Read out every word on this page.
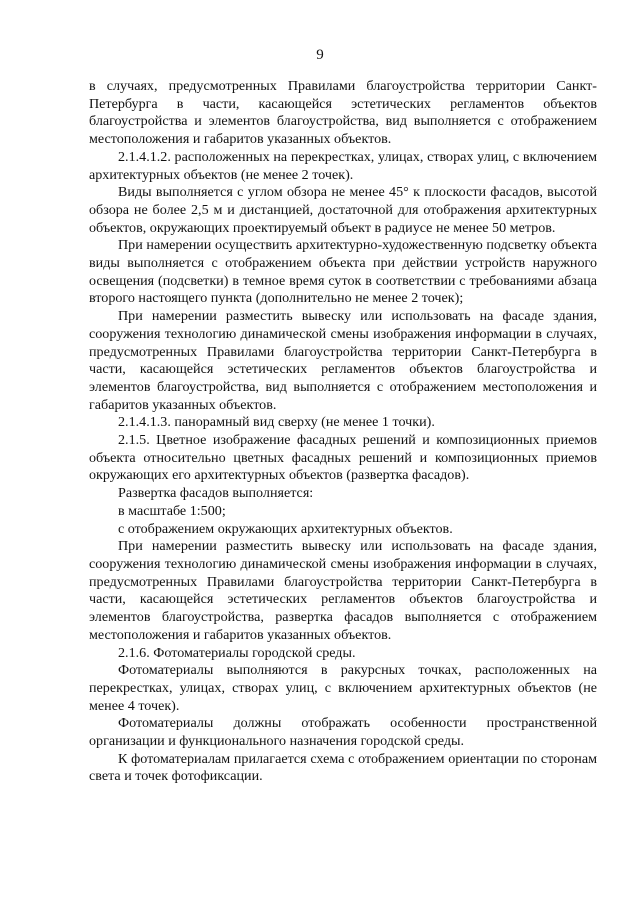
9

в случаях, предусмотренных Правилами благоустройства территории Санкт-Петербурга в части, касающейся эстетических регламентов объектов благоустройства и элементов благоустройства, вид выполняется с отображением местоположения и габаритов указанных объектов.

2.1.4.1.2. расположенных на перекрестках, улицах, створах улиц, с включением архитектурных объектов (не менее 2 точек).

Виды выполняется с углом обзора не менее 45° к плоскости фасадов, высотой обзора не более 2,5 м и дистанцией, достаточной для отображения архитектурных объектов, окружающих проектируемый объект в радиусе не менее 50 метров.

При намерении осуществить архитектурно-художественную подсветку объекта виды выполняется с отображением объекта при действии устройств наружного освещения (подсветки) в темное время суток в соответствии с требованиями абзаца второго настоящего пункта (дополнительно не менее 2 точек);

При намерении разместить вывеску или использовать на фасаде здания, сооружения технологию динамической смены изображения информации в случаях, предусмотренных Правилами благоустройства территории Санкт-Петербурга в части, касающейся эстетических регламентов объектов благоустройства и элементов благоустройства, вид выполняется с отображением местоположения и габаритов указанных объектов.

2.1.4.1.3. панорамный вид сверху (не менее 1 точки).

2.1.5. Цветное изображение фасадных решений и композиционных приемов объекта относительно цветных фасадных решений и композиционных приемов окружающих его архитектурных объектов (развертка фасадов).

Развертка фасадов выполняется:

в масштабе 1:500;

с отображением окружающих архитектурных объектов.

При намерении разместить вывеску или использовать на фасаде здания, сооружения технологию динамической смены изображения информации в случаях, предусмотренных Правилами благоустройства территории Санкт-Петербурга в части, касающейся эстетических регламентов объектов благоустройства и элементов благоустройства, развертка фасадов выполняется с отображением местоположения и габаритов указанных объектов.

2.1.6. Фотоматериалы городской среды.

Фотоматериалы выполняются в ракурсных точках, расположенных на перекрестках, улицах, створах улиц, с включением архитектурных объектов (не менее 4 точек).

Фотоматериалы должны отображать особенности пространственной организации и функционального назначения городской среды.

К фотоматериалам прилагается схема с отображением ориентации по сторонам света и точек фотофиксации.
